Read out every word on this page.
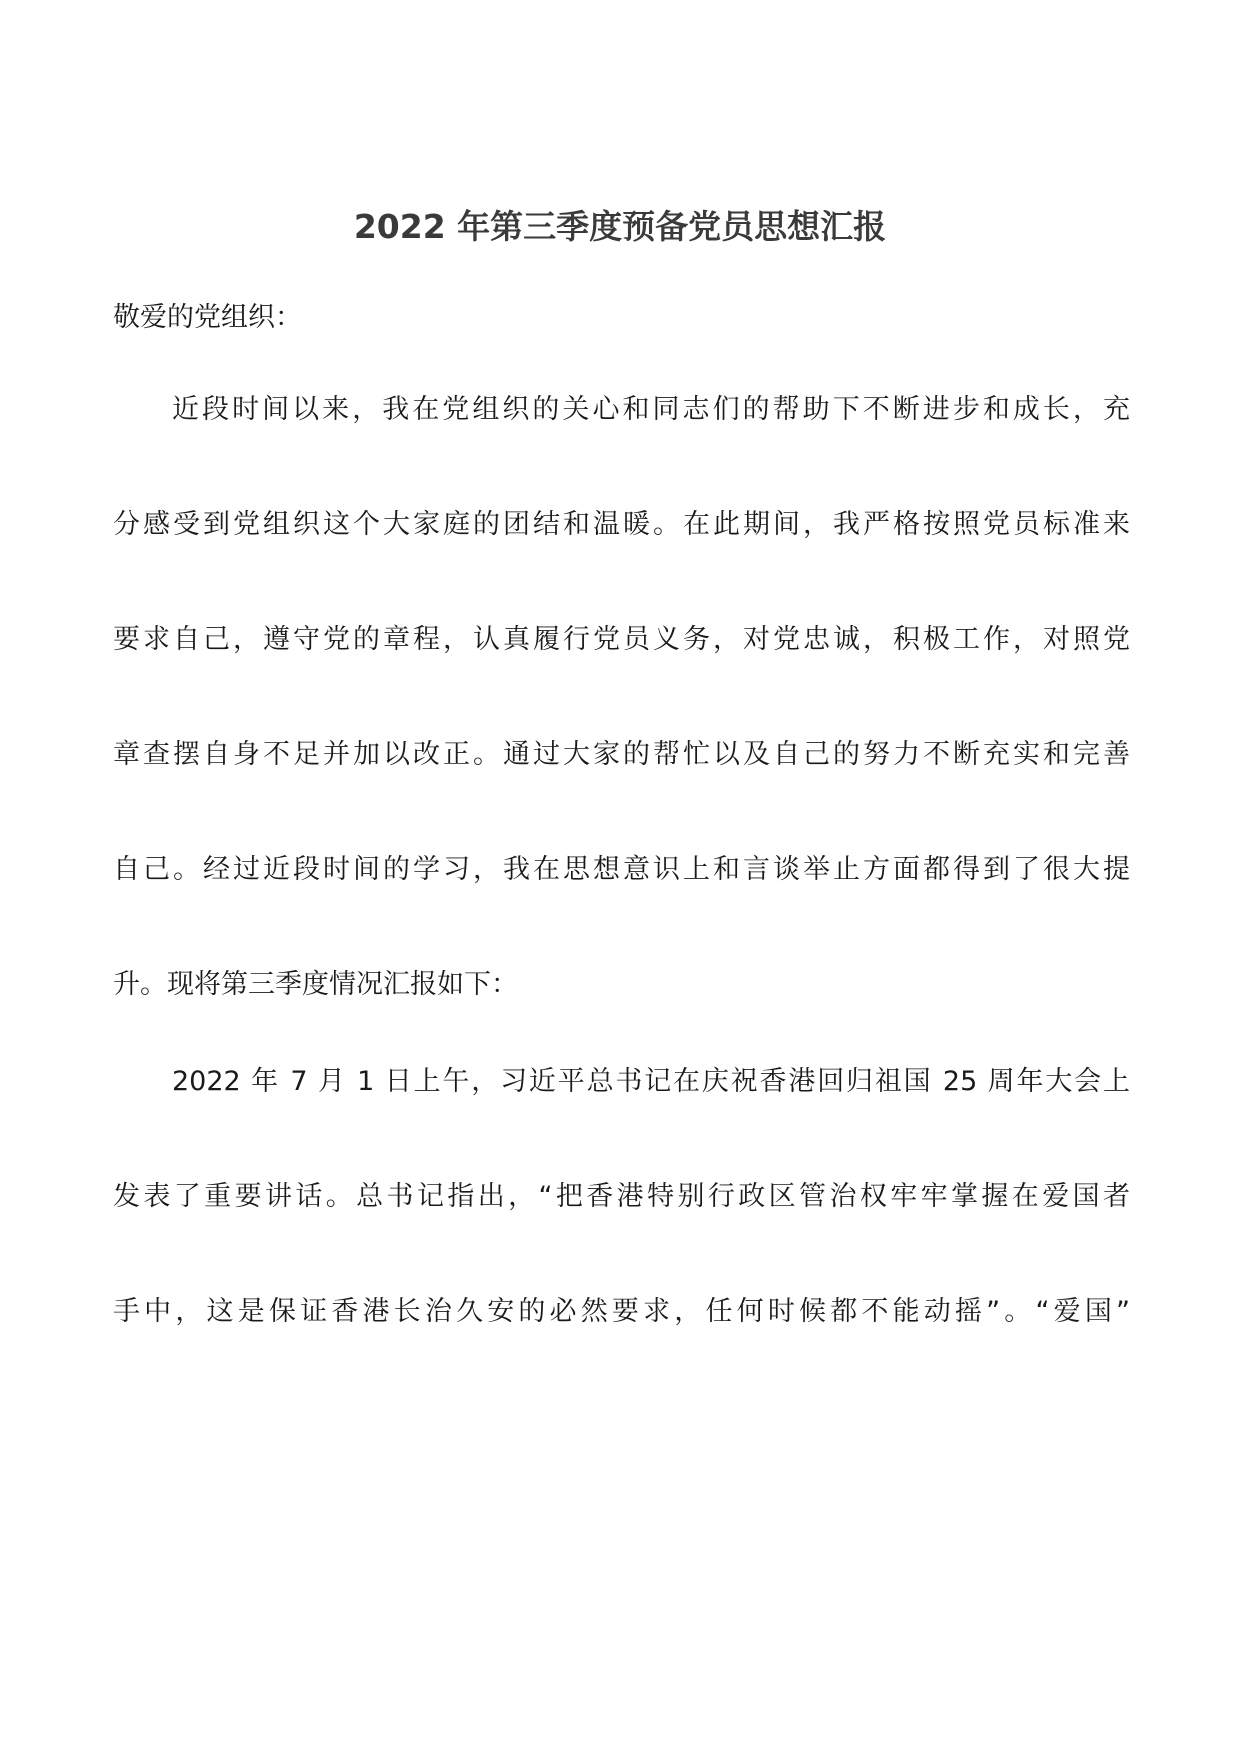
2022 年第三季度预备党员思想汇报
敬爱的党组织：
近段时间以来，我在党组织的关心和同志们的帮助下不断进步和成长，充
分感受到党组织这个大家庭的团结和温暖。在此期间，我严格按照党员标准来
要求自己，遵守党的章程，认真履行党员义务，对党忠诚，积极工作，对照党
章查摆自身不足并加以改正。通过大家的帮忙以及自己的努力不断充实和完善
自己。经过近段时间的学习，我在思想意识上和言谈举止方面都得到了很大提
升。现将第三季度情况汇报如下：
2022 年 7 月 1 日上午，习近平总书记在庆祝香港回归祖国 25 周年大会上
发表了重要讲话。总书记指出，“把香港特别行政区管治权牢牢掌握在爱国者
手中，这是保证香港长治久安的必然要求，任何时候都不能动摇”。“爱国”
